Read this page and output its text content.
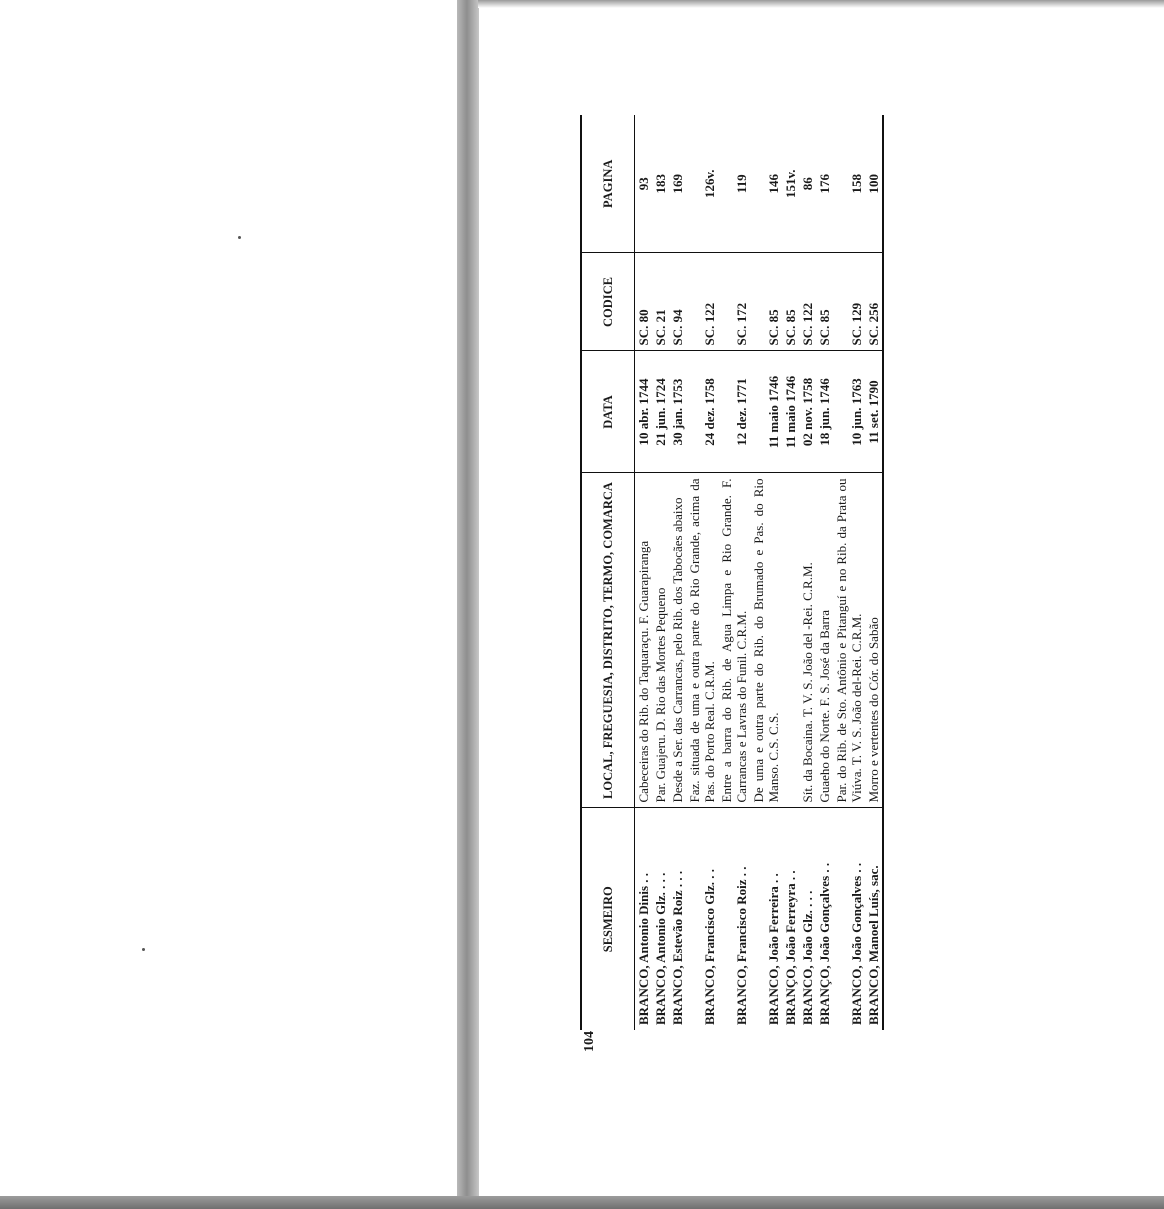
104
SESMEIRO	LOCAL, FREGUESIA, DISTRITO, TERMO, COMARCA	DATA	CODICE	PAGINA
BRANCO, Antonio Dinis . .	Cabeceiras do Rib. do Taquaraçu. F. Guarapiranga	10 abr. 1744	SC. 80	93
BRANCO, Antonio Glz. . . .	Par. Guajeru. D. Rio das Mortes Pequeno	21 jun. 1724	SC. 21	183
BRANCO, Estevão Roiz . . .	Desde a Ser. das Carrancas, pelo Rib. dos Tabocães abaixo	30 jan. 1753	SC. 94	169
BRANCO, Francisco Glz. . .	Faz. situada de uma e outra parte do Rio Grande, acima da Pas. do Porto Real. C.R.M.	24 dez. 1758	SC. 122	126v.
BRANCO, Francisco Roiz . .	Entre a barra do Rib. de Agua Limpa e Rio Grande. F. Carrancas e Lavras do Funil. C.R.M.	12 dez. 1771	SC. 172	119
BRANCO, João Ferreira . .	De uma e outra parte do Rib. do Brumado e Pas. do Rio Manso. C.S. C.S.	11 maio 1746	SC. 85	146
BRANÇO, João Ferreyra . .		11 maio 1746	SC. 85	151v.
BRANCO, João Glz. . . .	Sít. da Bocaina. T. V. S. João del -Rei. C.R.M.	02 nov. 1758	SC. 122	86
BRANÇO, João Gonçalves . .	Guaeho do Norte. F. S. José da Barra	18 jun. 1746	SC. 85	176
BRANCO, João Gonçalves . .	Par. do Rib. de Sto. Antônio e Pitanguí e no Rib. da Prata ou Viúva. T. V. S. João del-Rei. C.R.M.	10 jun. 1763	SC. 129	158
BRANCO, Manoel Luís, sac.	Morro e vertentes do Cór. do Sabão	11 set. 1790	SC. 256	100
